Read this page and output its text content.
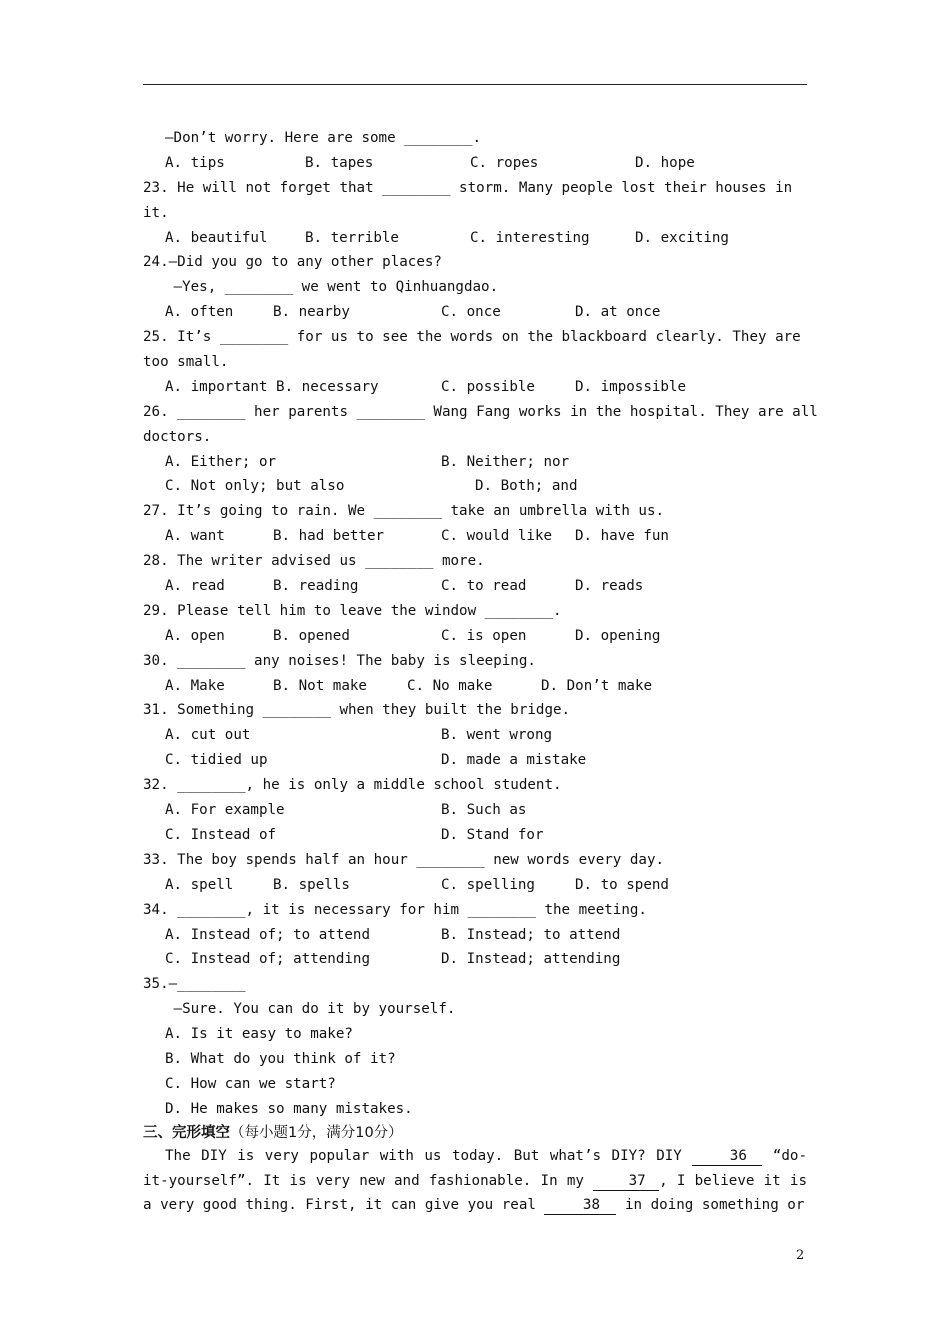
—Don’t worry. Here are some ________.
A. tips	B. tapes	C. ropes	D. hope
23. He will not forget that ________ storm. Many people lost their houses in
it.
A. beautiful	B. terrible	C. interesting	D. exciting
24.—Did you go to any other places?
—Yes, ________ we went to Qinhuangdao.
A. often	B. nearby	C. once	D. at once
25. It’s ________ for us to see the words on the blackboard clearly. They are
too small.
A. important B. necessary	C. possible	D. impossible
26. ________ her parents ________ Wang Fang works in the hospital. They are all
doctors.
A. Either; or	B. Neither; nor
C. Not only; but also	D. Both; and
27. It’s going to rain. We ________ take an umbrella with us.
A. want	B. had better	C. would like	D. have fun
28. The writer advised us ________ more.
A. read	B. reading	C. to read	D. reads
29. Please tell him to leave the window ________.
A. open	B. opened	C. is open	D. opening
30. ________ any noises! The baby is sleeping.
A. Make	B. Not make	C. No make	D. Don’t make
31. Something ________ when they built the bridge.
A. cut out	B. went wrong
C. tidied up	D. made a mistake
32. ________, he is only a middle school student.
A. For example	B. Such as
C. Instead of	D. Stand for
33. The boy spends half an hour ________ new words every day.
A. spell	B. spells	C. spelling	D. to spend
34. ________, it is necessary for him ________ the meeting.
A. Instead of; to attend	B. Instead; to attend
C. Instead of; attending	D. Instead; attending
35.—________
—Sure. You can do it by yourself.
A. Is it easy to make?
B. What do you think of it?
C. How can we start?
D. He makes so many mistakes.
三、完形填空（每小题1分，满分10分）
The DIY is very popular with us today. But what’s DIY? DIY	36 “do-it-yourself”. It is very new and fashionable. In my 37 , I believe it is a very good thing. First, it can give you real	38 in doing something or
2
